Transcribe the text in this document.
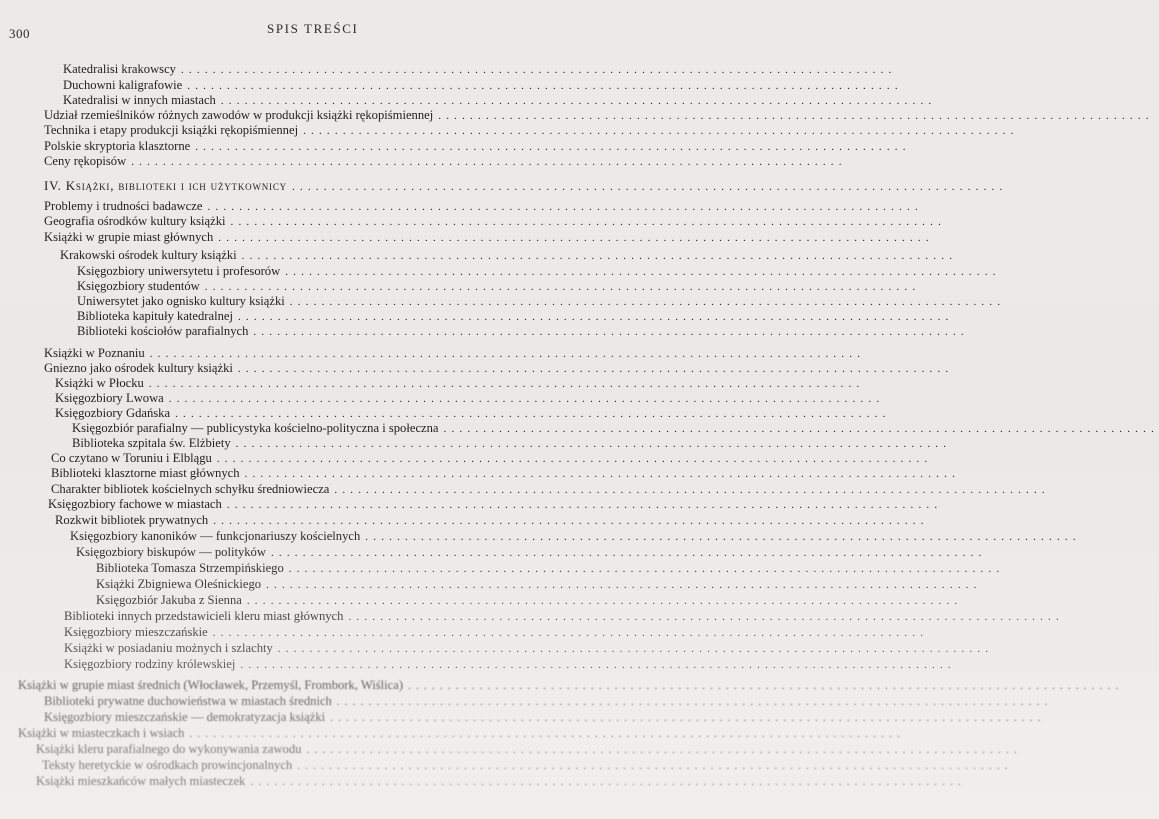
300	SPIS TREŚCI
Katedralisi krakowscy ..........................................................................................
Duchowni kaligrafowie ..........................................................................................
Katedralisi w innych miastach ..........................................................................................
Udział rzemieślników różnych zawodów w produkcji książki rękopiśmiennej ..........................................................................................
Technika i etapy produkcji książki rękopiśmiennej ..........................................................................................
Polskie skryptoria klasztorne ..........................................................................................
Ceny rękopisów ..........................................................................................
IV. Książki, biblioteki i ich użytkownicy ..........................................................................................
Problemy i trudności badawcze ..........................................................................................
Geografia ośrodków kultury książki ..........................................................................................
Książki w grupie miast głównych ..........................................................................................
Krakowski ośrodek kultury książki ..........................................................................................
Księgozbiory uniwersytetu i profesorów ..........................................................................................
Księgozbiory studentów ..........................................................................................
Uniwersytet jako ognisko kultury książki ..........................................................................................
Biblioteka kapituły katedralnej ..........................................................................................
Biblioteki kościołów parafialnych ..........................................................................................
Książki w Poznaniu ..........................................................................................
Gniezno jako ośrodek kultury książki ..........................................................................................
Książki w Płocku ..........................................................................................
Księgozbiory Lwowa ..........................................................................................
Księgozbiory Gdańska ..........................................................................................
Księgozbiór parafialny — publicystyka kościelno-polityczna i społeczna ..........................................................................................
Biblioteka szpitala św. Elżbiety ..........................................................................................
Co czytano w Toruniu i Elblągu ..........................................................................................
Biblioteki klasztorne miast głównych ..........................................................................................
Charakter bibliotek kościelnych schyłku średniowiecza ..........................................................................................
Księgozbiory fachowe w miastach ..........................................................................................
Rozkwit bibliotek prywatnych ..........................................................................................
Księgozbiory kanoników — funkcjonariuszy kościelnych ..........................................................................................
Księgozbiory biskupów — polityków ..........................................................................................
Biblioteka Tomasza Strzempińskiego ..........................................................................................
Książki Zbigniewa Oleśnickiego ..........................................................................................
Księgozbiór Jakuba z Sienna ..........................................................................................
Biblioteki innych przedstawicieli kleru miast głównych ..........................................................................................
Księgozbiory mieszczańskie ..........................................................................................
Książki w posiadaniu możnych i szlachty ..........................................................................................
Księgozbiory rodziny królewskiej ..........................................................................................
Książki w grupie miast średnich (Włocławek, Przemyśl, Frombork, Wiślica) ..........................................................................................
Biblioteki prywatne duchowieństwa w miastach średnich ..........................................................................................
Księgozbiory mieszczańskie — demokratyzacja książki ..........................................................................................
Książki w miasteczkach i wsiach ..........................................................................................
Książki kleru parafialnego do wykonywania zawodu ..........................................................................................
Teksty heretyckie w ośrodkach prowincjonalnych ..........................................................................................
Książki mieszkańców małych miasteczek ..........................................................................................
